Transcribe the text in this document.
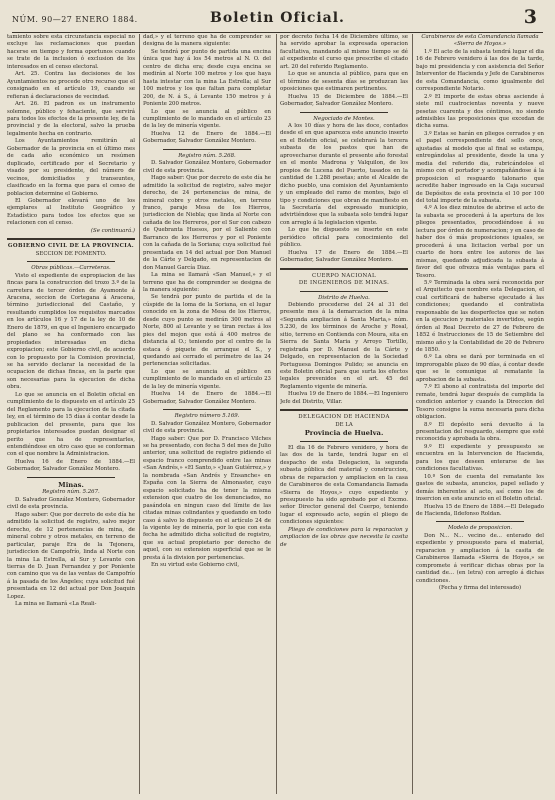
NÚM. 90—27 ENERO 1884.	Boletin Oficial.	3

tamiento sobre esta circunstancia especial no excluye las reclamaciones que puedan hacerse en tiempo y forma oportunos cuando se trate de la inclusion ó exclusion de los interesados en el censo electoral.

Art. 25. Contra las decisiones de los Ayuntamientos no procede otro recurso que el consignado en el artículo 19, cuando se refieran á declaraciones de vecindad.

Art. 26. El padron es un instrumento solemne, público y fehaciente, que servirá para todos los efectos de la presente ley, de la provincial y de la electoral, salvo la prueba legalmente hecha en contrario.

Los Ayuntamientos remitirán al Gobernador de la provincia en el último mes de cada año económico un resúmen duplicado, certificado por el Secretario y visado por su presidente, del número de vecinos, domiciliados y transeuntes, clasificado en la forma que para el censo de poblacion determine el Gobierno.

El Gobernador elevará uno de los ejemplares al Instituto Geográfico y Estadístico para todos los efectos que se relacionen con el censo.

(Se continuará.)

GOBIERNO CIVIL DE LA PROVINCIA.

SECCION DE FOMENTO.

Obras públicas.—Carreteras.

Visto el expediente de expropiacion de las fincas para la construccion del trozo 3.º de la carretera de tercer órden de Ayamonte á Aracena, seccion de Cortegana á Aracena, término jurisdiccional del Castaño, y resultando cumplidos los requisitos marcados en los artículos 16 y 17 de la ley de 10 de Enero de 1879, en que el Ingeniero encargado del plano se ha conformado con las propiedades interesadas en dicha expropiacion; este Gobierno civil, de acuerdo con lo propuesto por la Comision provincial, se ha servido declarar la necesidad de la ocupacion de dichas fincas, en la parte que son necesarias para la ejecucion de dicha obra.

Lo que se anuncia en el Boletin oficial en cumplimiento de lo dispuesto en el artículo 25 del Reglamento para la ejecucion de la citada ley, en el término de 15 días á contar desde la publicacion del presente, para que los propietarios interesados puedan designar el perito que ha de representarles, entendiéndose en otro caso que se conforman con el que nombre la Administracion.

Huelva 16 de Enero de 1884.—El Gobernador, Salvador González Montero.

Minas.

Registro núm. 5.267.

D. Salvador González Montero, Gobernador civil de esta provincia.

Hago saber: Que por decreto de este día he admitido la solicitud de registro, salvo mejor derecho, de 12 pertenencias de mina, de mineral cobre y otros metales, en terreno de particular, paraje Era de la Tejonera, jurisdiccion de Campofrío, linda al Norte con la mina La Estrella, al Sur y Levante con tierras de D. Juan Fernandez y por Poniente con camino que va de las ventas de Campofrío á la pasada de los Ángeles; cuya solicitud fué presentada en 12 del actual por Don Joaquin Lopez.

La mina se llamará «La Reali-

dad,» y el terreno que ha de comprender se designa de la manera siguiente:

Se tendrá por punto de partida una encina única que hay á los 54 metros al N. O. del centro de dicha era; desde cuya encina se medirán al Norte 100 metros y los que haya hasta intestar con la mina La Estrella; al Sur 100 metros y los que faltan para completar 200, de N. á S., á Levante 150 metros y á Poniente 200 metros.

Lo que se anuncia al público en cumplimiento de lo mandado en el artículo 23 de la ley de minería vigente.

Huelva 12 de Enero de 1884.—El Gobernador, Salvador González Montero.

Registro núm. 5.268.

D. Salvador González Montero, Gobernador civil de esta provincia.

Hago saber: Que por decreto de este día he admitido la solicitud de registro, salvo mejor derecho, de 24 pertenencias de mina, de mineral cobre y otros metales, en terreno franco, paraje Mesa de Ios Hierros, jurisdiccion de Niebla; que linda al Norte con cañada de los Herreros, por el Sur con cabezo de Quebranta Huesos, por el Saliente con Barranco de los Herreros y por el Poniente con la cañada de la Soriana; cuya solicitud fué presentada en 14 del actual por Don Manuel de la Cárte y Delgado, en representacion de don Manuel García Diaz.

La mina se llamará «San Manuel,» y el terreno que ha de comprender se designa de la manera siguiente:

Se tendrá por punto de partida el de la cúspide de la loma de la Soriana, en el lugar conocido en la zona de Mesa de los Hierros, desde cuyo punto se medirán 300 metros al Norte, 800 al Levante y se tiran rectas á los pies del mojon que está á 400 metros de distancia al O.; teniendo por el centro de la estaca ó piquete de arranque el S., y quedando así cerrado el perímetro de las 24 pertenencias solicitadas.

Lo que se anuncia al público en cumplimiento de lo mandado en el artículo 23 de la ley de minería vigente.

Huelva 14 de Enero de 1884.—El Gobernador, Salvador González Montero.

Registro número 5.169.

D. Salvador González Montero, Gobernador civil de esta provincia.

Hago saber: Que por D. Francisco Vilches se ha presentado, con fecha 5 del mes de Julio anterior, una solicitud de registro pidiendo el espacio franco comprendido entre las minas «San Andrés,» «El Santo,» «Juan Gutiérrez,» y la nombrada «San Andrés y Ensanche» en España con la Sierra de Almonaster, cuyo espacio solicitado ha de tener la misma extension que cuatro de los denunciados, no pasándola en ningun caso del límite de las citadas minas colindantes y quedando en todo caso á salvo lo dispuesto en el artículo 24 de la vigente ley de minería, por lo que con esta fecha he admitido dicha solicitud de registro, que su actual propietario por derecho de aquel, con su extension superficial que se le presta á la division por pertenencias.

En su virtud este Gobierno civil,

por decreto fecha 14 de Diciembre último, se ha servido aprobar la expresada operacion facultativa, mandando al mismo tiempo se dé al expediente el curso que prescribe el citado art. 20 del referido Reglamento.

Lo que se anuncia al público, para que en el término de sesenta días se produzcan las oposiciones que estimaren pertinentes.

Huelva 15 de Diciembre de 1884.—El Gobernador, Salvador González Montero.

Negociado de Montes.

A los 10 días y hora de las doce, contados desde el en que aparezca este anuncio inserto en el Boletin oficial, se celebrará la tercera subasta de los pastos que han de aprovecharse durante el presente año forestal en el monte Madrona y Valquilon, de los propios de Lucena del Puerto, tasados en la cantidad de 1.288 pesetas; ante el Alcalde de dicho pueblo, una comision del Ayuntamiento y un empleado del ramo de montes, bajo el tipo y condiciones que obran de manifiesto en la Secretaría del expresado municipio, advirtiéndose que la subasta solo tendrá lugar con arreglo á la legislacion vigente.

Lo que he dispuesto se inserte en este periódico oficial para conocimiento del público.

Huelva 17 de Enero de 1884.—El Gobernador, Salvador González Montero.

CUERPO NACIONAL

DE INGENIEROS DE MINAS.

Distrito de Huelva.

Debiendo procederse del 24 al 31 del presente mes á la demarcacion de la mina «Segunda ampliacion á Santa Marta,» núm. 5.230, de los términos de Aroche y Rosal, sitio, terreno en Contienda con Moura, sita en Sierra de Santa Maria y Arroyo Tortillo, registrada por D. Manuel de la Cárte y Delgado, en representacion de la Sociedad Portuguesa Domingos Pulido; se anuncia en este Boletin oficial para que surta los efectos legales prevenidos en el art. 45 del Reglamento vigente de minería.

Huelva 19 de Enero de 1884.—El Ingeniero Jefe del Distrito, Villar.

DELEGACION DE HACIENDA

DE LA

Provincia de Huelva.

El dia 16 de Febrero venidero, y hora de las dos de la tarde, tendrá lugar en el despacho de esta Delegacion, la segunda subasta pública del material y construccion, obras de reparacion y ampliacion en la casa de Carabineros de esta Comandancia llamada «Sierra de Hoyos,» cuyo expediente y presupuesto ha sido aprobado por el Excmo. señor Director general del Cuerpo, teniendo lugar el expresado acto, según el pliego de condiciones siguientes:

Pliego de condiciones para la reparacion y ampliacion de las obras que necesita la casita de

Carabineros de esta Comandancia llamada «Sierra de Hoyos.»

1.º El acto de la subasta tendrá lugar el dia 16 de Febrero venidero á las dos de la tarde, bajo mi presidencia y con asistencia del Señor Interventor de Hacienda y Jefe de Carabineros de esta Comandancia, como igualmente del correspondiente Notario.

2.º El importe de estas obras asciende á siete mil cuatrocientas noventa y nueve pesetas cuarenta y dos céntimos, no siendo admisibles las proposiciones que excedan de dicha suma.

3.º Estas se harán en pliegos cerrados y en el papel correspondiente del sello once, ajustadas al modelo que al final se estampa, entregándolas al presidente, desde la una y media del referido dia, rubricándolos el mismo con el portador y acompañándose á la proposicion el resguardo talonario que acredite haber ingresado en la Caja sucursal de Depósitos de esta provincia el 10 por 100 del total importe de la subasta.

4.º A los diez minutos de abrirse el acto de la subasta se procederá á la apertura de los pliegos presentados, procediéndose á su lectura por órden de numeracion; y en caso de haber dos ó más proposiciones iguales, se procederá á una licitacion verbal por un cuarto de hora entre los autores de las mismas, quedando adjudicada la subasta á favor del que ofrezca más ventajas para el Tesoro.

5.º Terminada la obra será reconocida por el Arquitecto que nombre esta Delegacion, el cual certificará de haberse ejecutado á las condiciones; quedando el contratista responsable de las desperfectos que se noten en la ejecucion y materiales invertidos, según órden al Real Decreto de 27 de Febrero de 1852 é Instrucciones de 15 de Setiembre del mismo año y la Contabilidad de 20 de Febrero de 1850.

6.º La obra se dará por terminada en el improrogable plazo de 90 días, á contar desde que se le comunique al rematante la aprobacion de la subasta.

7.º El abono al contratista del importe del remate, tendrá lugar después de cumplida la condicion anterior y cuando la Direccion del Tesoro consigne la suma necesaria para dicha obligacion.

8.º El depósito será devuelto á la presentacion del resguardo, siempre que esté reconocida y aprobada la obra.

9.º El expediente y presupuesto se encuentra en la Intervencion de Hacienda, para los que deseen enterarse de las condiciones facultativas.

10.º Son de cuenta del rematante los gastos de subasta, anuncios, papel sellado y demás inherentes al acto, así como los de insercion en este anuncio en el Boletin oficial.

Huelva 15 de Enero de 1884.—El Delegado de Hacienda, Ildefonso Roldan.

Modelo de proposicion.

Don N... N... vecino de... enterado del expediente y presupuesto para el material, reparacion y ampliacion á la casita de Carabineros llamada «Sierra de Hoyos,» se compromete á verificar dichas obras por la cantidad de... (en letra) con arreglo á dichas condiciones.

(Fecha y firma del interesado)
